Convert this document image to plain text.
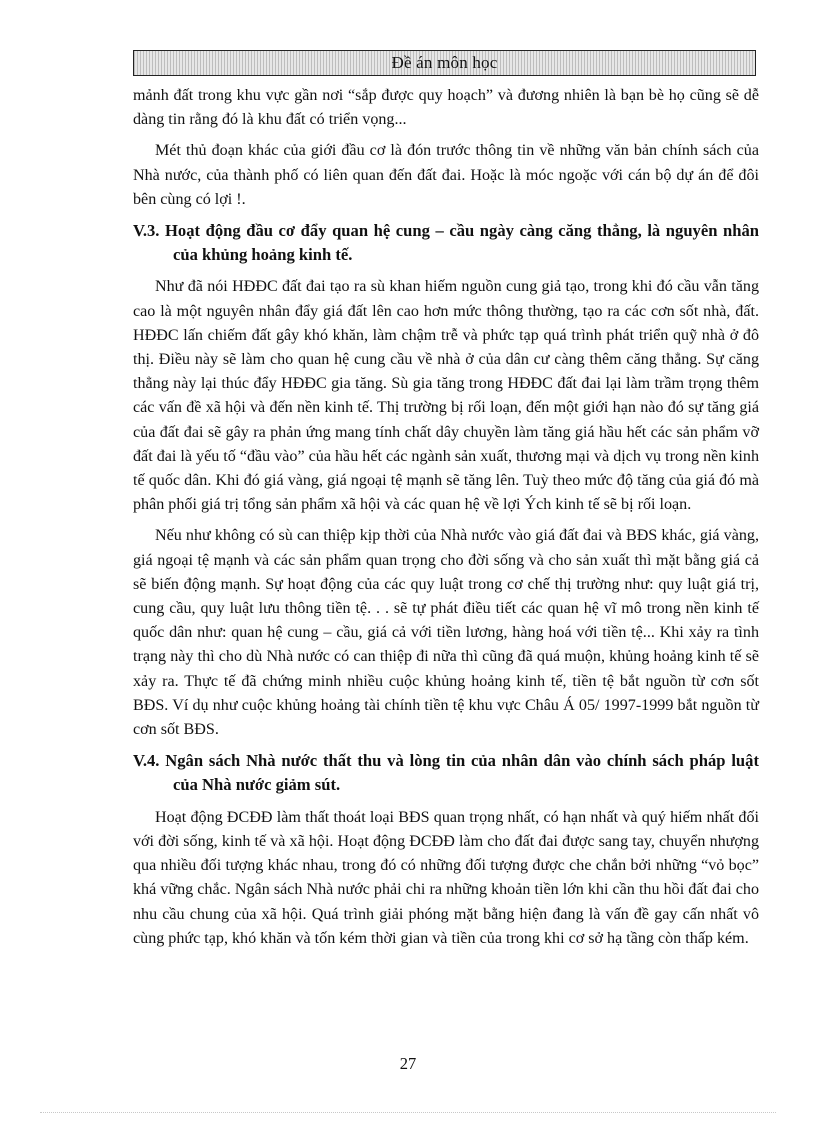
Đề án môn học

mảnh đất trong khu vực gần nơi “sắp được quy hoạch” và đương nhiên là bạn bè họ cũng sẽ dễ dàng tin rằng đó là khu đất có triển vọng...

Mét thủ đoạn khác của giới đầu cơ là đón trước thông tin về những văn bản chính sách của Nhà nước, của thành phố có liên quan đến đất đai. Hoặc là móc ngoặc với cán bộ dự án để đôi bên cùng có lợi !.

V.3. Hoạt động đầu cơ đẩy quan hệ cung – cầu ngày càng căng thẳng, là nguyên nhân của khủng hoảng kinh tế.

Như đã nói HĐĐC đất đai tạo ra sù khan hiếm nguồn cung giả tạo, trong khi đó cầu vẫn tăng cao là một nguyên nhân đẩy giá đất lên cao hơn mức thông thường, tạo ra các cơn sốt nhà, đất. HĐĐC lấn chiếm đất gây khó khăn, làm chậm trễ và phức tạp quá trình phát triển quỹ nhà ở đô thị. Điều này sẽ làm cho quan hệ cung cầu về nhà ở của dân cư càng thêm căng thẳng. Sự căng thẳng này lại thúc đẩy HĐĐC gia tăng. Sù gia tăng trong HĐĐC đất đai lại làm trầm trọng thêm các vấn đề xã hội và đến nền kinh tế. Thị trường bị rối loạn, đến một giới hạn nào đó sự tăng giá của đất đai sẽ gây ra phản ứng mang tính chất dây chuyền làm tăng giá hầu hết các sản phẩm vỡ đất đai là yếu tố “đầu vào” của hầu hết các ngành sản xuất, thương mại và dịch vụ trong nền kinh tế quốc dân. Khi đó giá vàng, giá ngoại tệ mạnh sẽ tăng lên. Tuỳ theo mức độ tăng của giá đó mà phân phối giá trị tổng sản phẩm xã hội và các quan hệ về lợi Ých kinh tế sẽ bị rối loạn.

Nếu như không có sù can thiệp kịp thời của Nhà nước vào giá đất đai và BĐS khác, giá vàng, giá ngoại tệ mạnh và các sản phẩm quan trọng cho đời sống và cho sản xuất thì mặt bằng giá cả sẽ biến động mạnh. Sự hoạt động của các quy luật trong cơ chế thị trường như: quy luật giá trị, cung cầu, quy luật lưu thông tiền tệ. . . sẽ tự phát điều tiết các quan hệ vĩ mô trong nền kinh tế quốc dân như: quan hệ cung – cầu, giá cả với tiền lương, hàng hoá với tiền tệ... Khi xảy ra tình trạng này thì cho dù Nhà nước có can thiệp đi nữa thì cũng đã quá muộn, khủng hoảng kinh tế sẽ xảy ra. Thực tế đã chứng minh nhiều cuộc khủng hoảng kinh tế, tiền tệ bắt nguồn từ cơn sốt BĐS. Ví dụ như cuộc khủng hoảng tài chính tiền tệ khu vực Châu Á 05/ 1997-1999 bắt nguồn từ cơn sốt BĐS.

V.4. Ngân sách Nhà nước thất thu và lòng tin của nhân dân vào chính sách pháp luật của Nhà nước giảm sút.

Hoạt động ĐCĐĐ làm thất thoát loại BĐS quan trọng nhất, có hạn nhất và quý hiếm nhất đối với đời sống, kinh tế và xã hội. Hoạt động ĐCĐĐ làm cho đất đai được sang tay, chuyển nhượng qua nhiều đối tượng khác nhau, trong đó có những đối tượng được che chắn bởi những “vỏ bọc” khá vững chắc. Ngân sách Nhà nước phải chi ra những khoản tiền lớn khi cần thu hồi đất đai cho nhu cầu chung của xã hội. Quá trình giải phóng mặt bằng hiện đang là vấn đề gay cấn nhất vô cùng phức tạp, khó khăn và tốn kém thời gian và tiền của trong khi cơ sở hạ tầng còn thấp kém.

27
